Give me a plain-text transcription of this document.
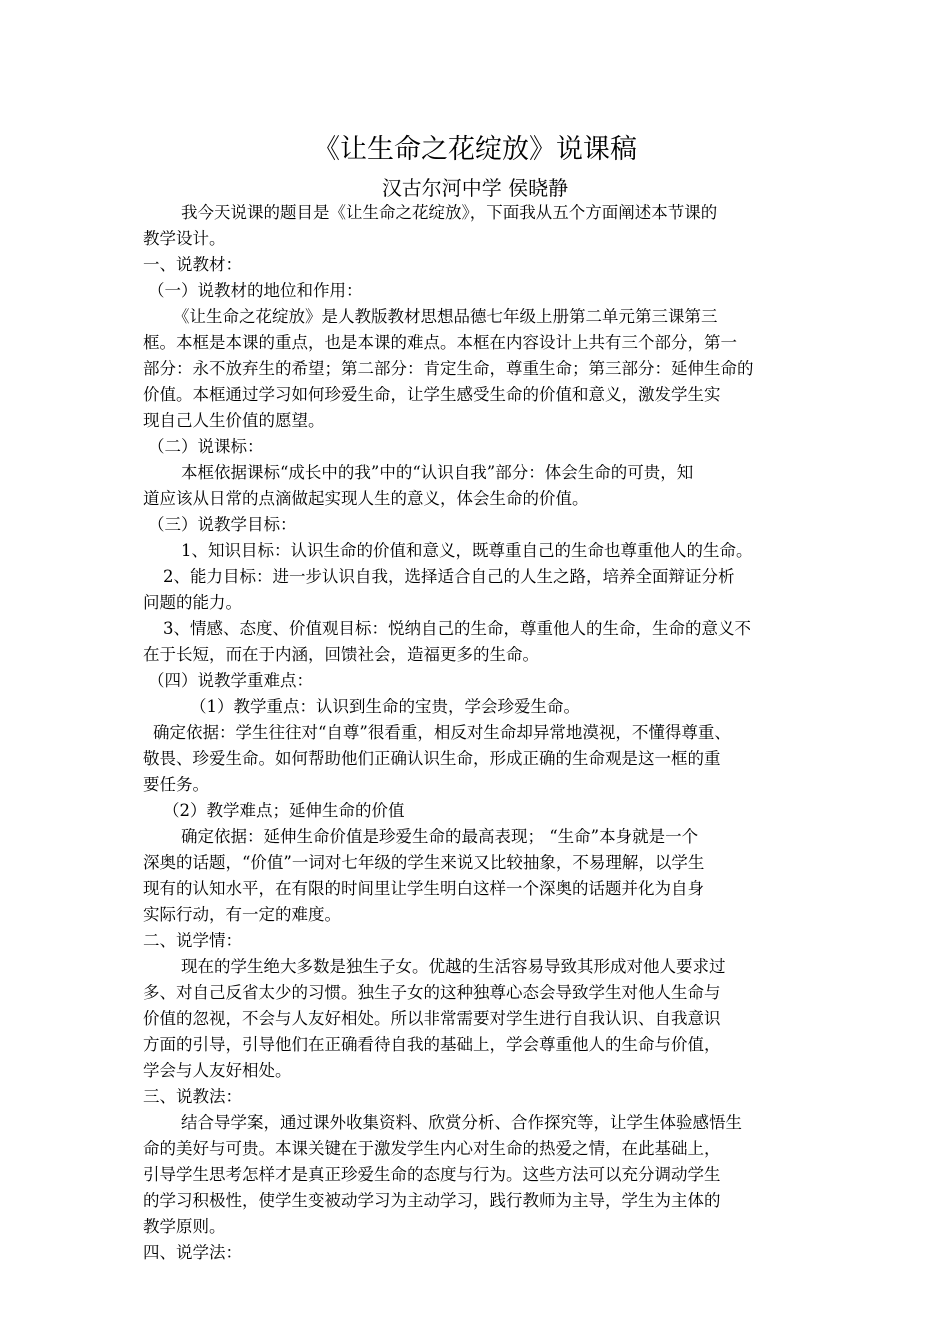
《让生命之花绽放》说课稿
汉古尔河中学 侯晓静
我今天说课的题目是《让生命之花绽放》，下面我从五个方面阐述本节课的
教学设计。
一、说教材：
（一）说教材的地位和作用：
《让生命之花绽放》是人教版教材思想品德七年级上册第二单元第三课第三
框。本框是本课的重点，也是本课的难点。本框在内容设计上共有三个部分，第一
部分：永不放弃生的希望；第二部分：肯定生命，尊重生命；第三部分：延伸生命的
价值。本框通过学习如何珍爱生命，让学生感受生命的价值和意义，激发学生实
现自己人生价值的愿望。
（二）说课标：
本框依据课标“成长中的我”中的“认识自我”部分：体会生命的可贵，知
道应该从日常的点滴做起实现人生的意义，体会生命的价值。
（三）说教学目标：
1、知识目标：认识生命的价值和意义，既尊重自己的生命也尊重他人的生命。
2、能力目标：进一步认识自我，选择适合自己的人生之路，培养全面辩证分析
问题的能力。
3、情感、态度、价值观目标：悦纳自己的生命，尊重他人的生命，生命的意义不
在于长短，而在于内涵，回馈社会，造福更多的生命。
（四）说教学重难点：
（1）教学重点：认识到生命的宝贵，学会珍爱生命。
确定依据：学生往往对“自尊”很看重，相反对生命却异常地漠视，不懂得尊重、
敬畏、珍爱生命。如何帮助他们正确认识生命，形成正确的生命观是这一框的重
要任务。
（2）教学难点；延伸生命的价值
确定依据：延伸生命价值是珍爱生命的最高表现； “生命”本身就是一个
深奥的话题，“价值”一词对七年级的学生来说又比较抽象，不易理解，以学生
现有的认知水平，在有限的时间里让学生明白这样一个深奥的话题并化为自身
实际行动，有一定的难度。
二、说学情：
现在的学生绝大多数是独生子女。优越的生活容易导致其形成对他人要求过
多、对自己反省太少的习惯。独生子女的这种独尊心态会导致学生对他人生命与
价值的忽视，不会与人友好相处。所以非常需要对学生进行自我认识、自我意识
方面的引导，引导他们在正确看待自我的基础上，学会尊重他人的生命与价值，
学会与人友好相处。
三、说教法：
结合导学案，通过课外收集资料、欣赏分析、合作探究等，让学生体验感悟生
命的美好与可贵。本课关键在于激发学生内心对生命的热爱之情，在此基础上，
引导学生思考怎样才是真正珍爱生命的态度与行为。这些方法可以充分调动学生
的学习积极性，使学生变被动学习为主动学习，践行教师为主导，学生为主体的
教学原则。
四、说学法：
